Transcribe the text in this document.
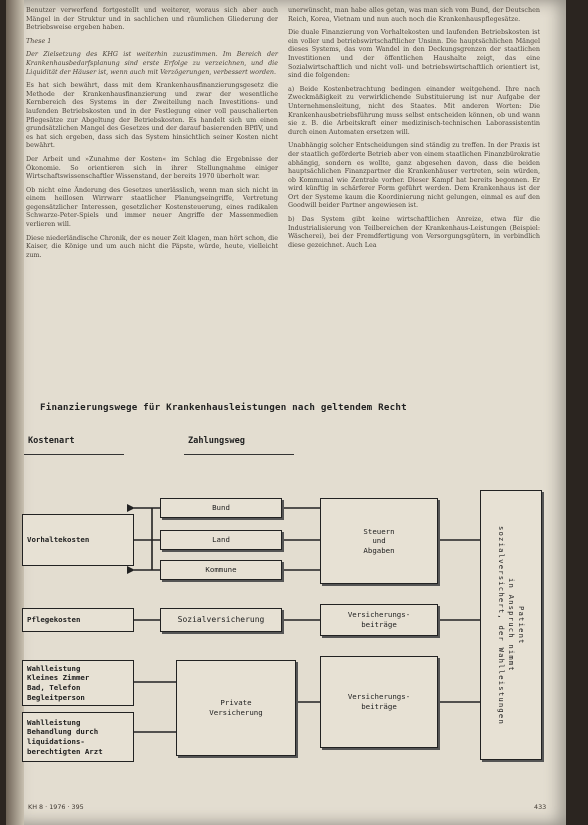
Benutzer verwerfend fortgestellt und weiterer, woraus sich aber auch Mängel in der Struktur und in sachlichen und räumlichen Gliederung der Betriebsweise ergeben haben.

These 1

Der Zielsetzung des KHG ist weiterhin zuzustimmen. Im Bereich der Krankenhausbedarfsplanung sind erste Erfolge zu verzeichnen, und die Liquidität der Häuser ist, wenn auch mit Verzögerungen, verbessert worden.

Es hat sich bewährt, dass mit dem Krankenhausfinanzierungsgesetz die Methode der Krankenhausfinanzierung und zwar der wesentliche Kernbereich des Systems in der Zweiteilung nach Investitions- und laufenden Betriebskosten und in der Festlegung einer voll pauschalierten Pflegesätze zur Abgeltung der Betriebskosten. Es handelt sich um einen grundsätzlichen Mangel des Gesetzes und der darauf basierenden BPflV, und es hat sich ergeben, dass sich das System hinsichtlich seiner Kosten nicht bewährt.

Der Arbeit und »Zunahme der Kosten« im Schlag die Ergebnisse der Ökonomie. So orientieren sich in ihrer Stellungnahme einiger Wirtschaftswissenschaftler Wissenstand, der bereits 1970 überholt war.

Ob nicht eine Änderung des Gesetzes unerlässlich, wenn man sich nicht in einem heillosen Wirrwarr staatlicher Planungseingriffe, Vertretung gegensätzlicher Interessen, gesetzlicher Kostensteuerung, eines radikalen Schwarze-Peter-Spiels und immer neuer Angriffe der Massenmedien verlieren will.

Diese niederländische Chronik, der es neuer Zeit klagen, man hört schon, die Kaiser, die Könige und um auch nicht die Päpste, würde, heute, vielleicht zum.

unerwünscht, man habe alles getan, was man sich vom Bund, der Deutschen Reich, Korea, Vietnam und nun auch noch die Krankenhauspflegesätze.

Die duale Finanzierung von Vorhaltekosten und laufenden Betriebskosten ist ein voller und betriebswirtschaftlicher Unsinn. Die hauptsächlichen Mängel dieses Systems, das vom Wandel in den Deckungsgrenzen der staatlichen Investitionen und der öffentlichen Haushalte zeigt, das eine Sozialwirtschaftlich und nicht voll- und betriebswirtschaftlich orientiert ist, sind die folgenden:

a) Beide Kostenbetrachtung bedingen einander weitgehend. Ihre nach Zweckmäßigkeit zu verwirklichende Substituierung ist nur Aufgabe der Unternehmensleitung, nicht des Staates. Mit anderen Worten: Die Krankenhausbetriebsführung muss selbst entscheiden können, ob und wann sie z. B. die Arbeitskraft einer medizinisch-technischen Laborassistentin durch einen Automaten ersetzen will.

Unabhängig solcher Entscheidungen sind ständig zu treffen. In der Praxis ist der staatlich geförderte Betrieb aber von einem staatlichen Finanzbürokratie abhängig, sondern es wollte, ganz abgesehen davon, dass die beiden hauptsächlichen Finanzpartner die Krankenhäuser vertreten, sein würden, ob Kommunal wie Zentrale vorher. Dieser Kampf hat bereits begonnen. Er wird künftig in schärferer Form geführt werden. Dem Krankenhaus ist der Ort der Systeme kaum die Koordinierung nicht gelungen, einmal es auf den Goodwill beider Partner angewiesen ist.

b) Das System gibt keine wirtschaftlichen Anreize, etwa für die Industrialisierung von Teilbereichen der Krankenhaus-Leistungen (Beispiel: Wäscherei), bei der Fremdfertigung von Versorgungsgütern, in verbindlich diese gezeichnet. Auch Lea

Finanzierungswege für Krankenhausleistungen nach geltendem Recht
Kostenart	Zahlungsweg
Vorhaltekosten
Pflegekosten
Wahlleistung
Kleines Zimmer
Bad, Telefon
Begleitperson
Wahlleistung
Behandlung durch
liquidations-
berechtigten Arzt
Bund
Land
Kommune
Sozialversicherung
Private
Versicherung
Steuern
und
Abgaben
Versicherungs-
beiträge
Versicherungs-
beiträge
Patient
in Anspruch nimmt
sozialversichert, der Wahlleistungen
KH 8 · 1976 · 395	433
